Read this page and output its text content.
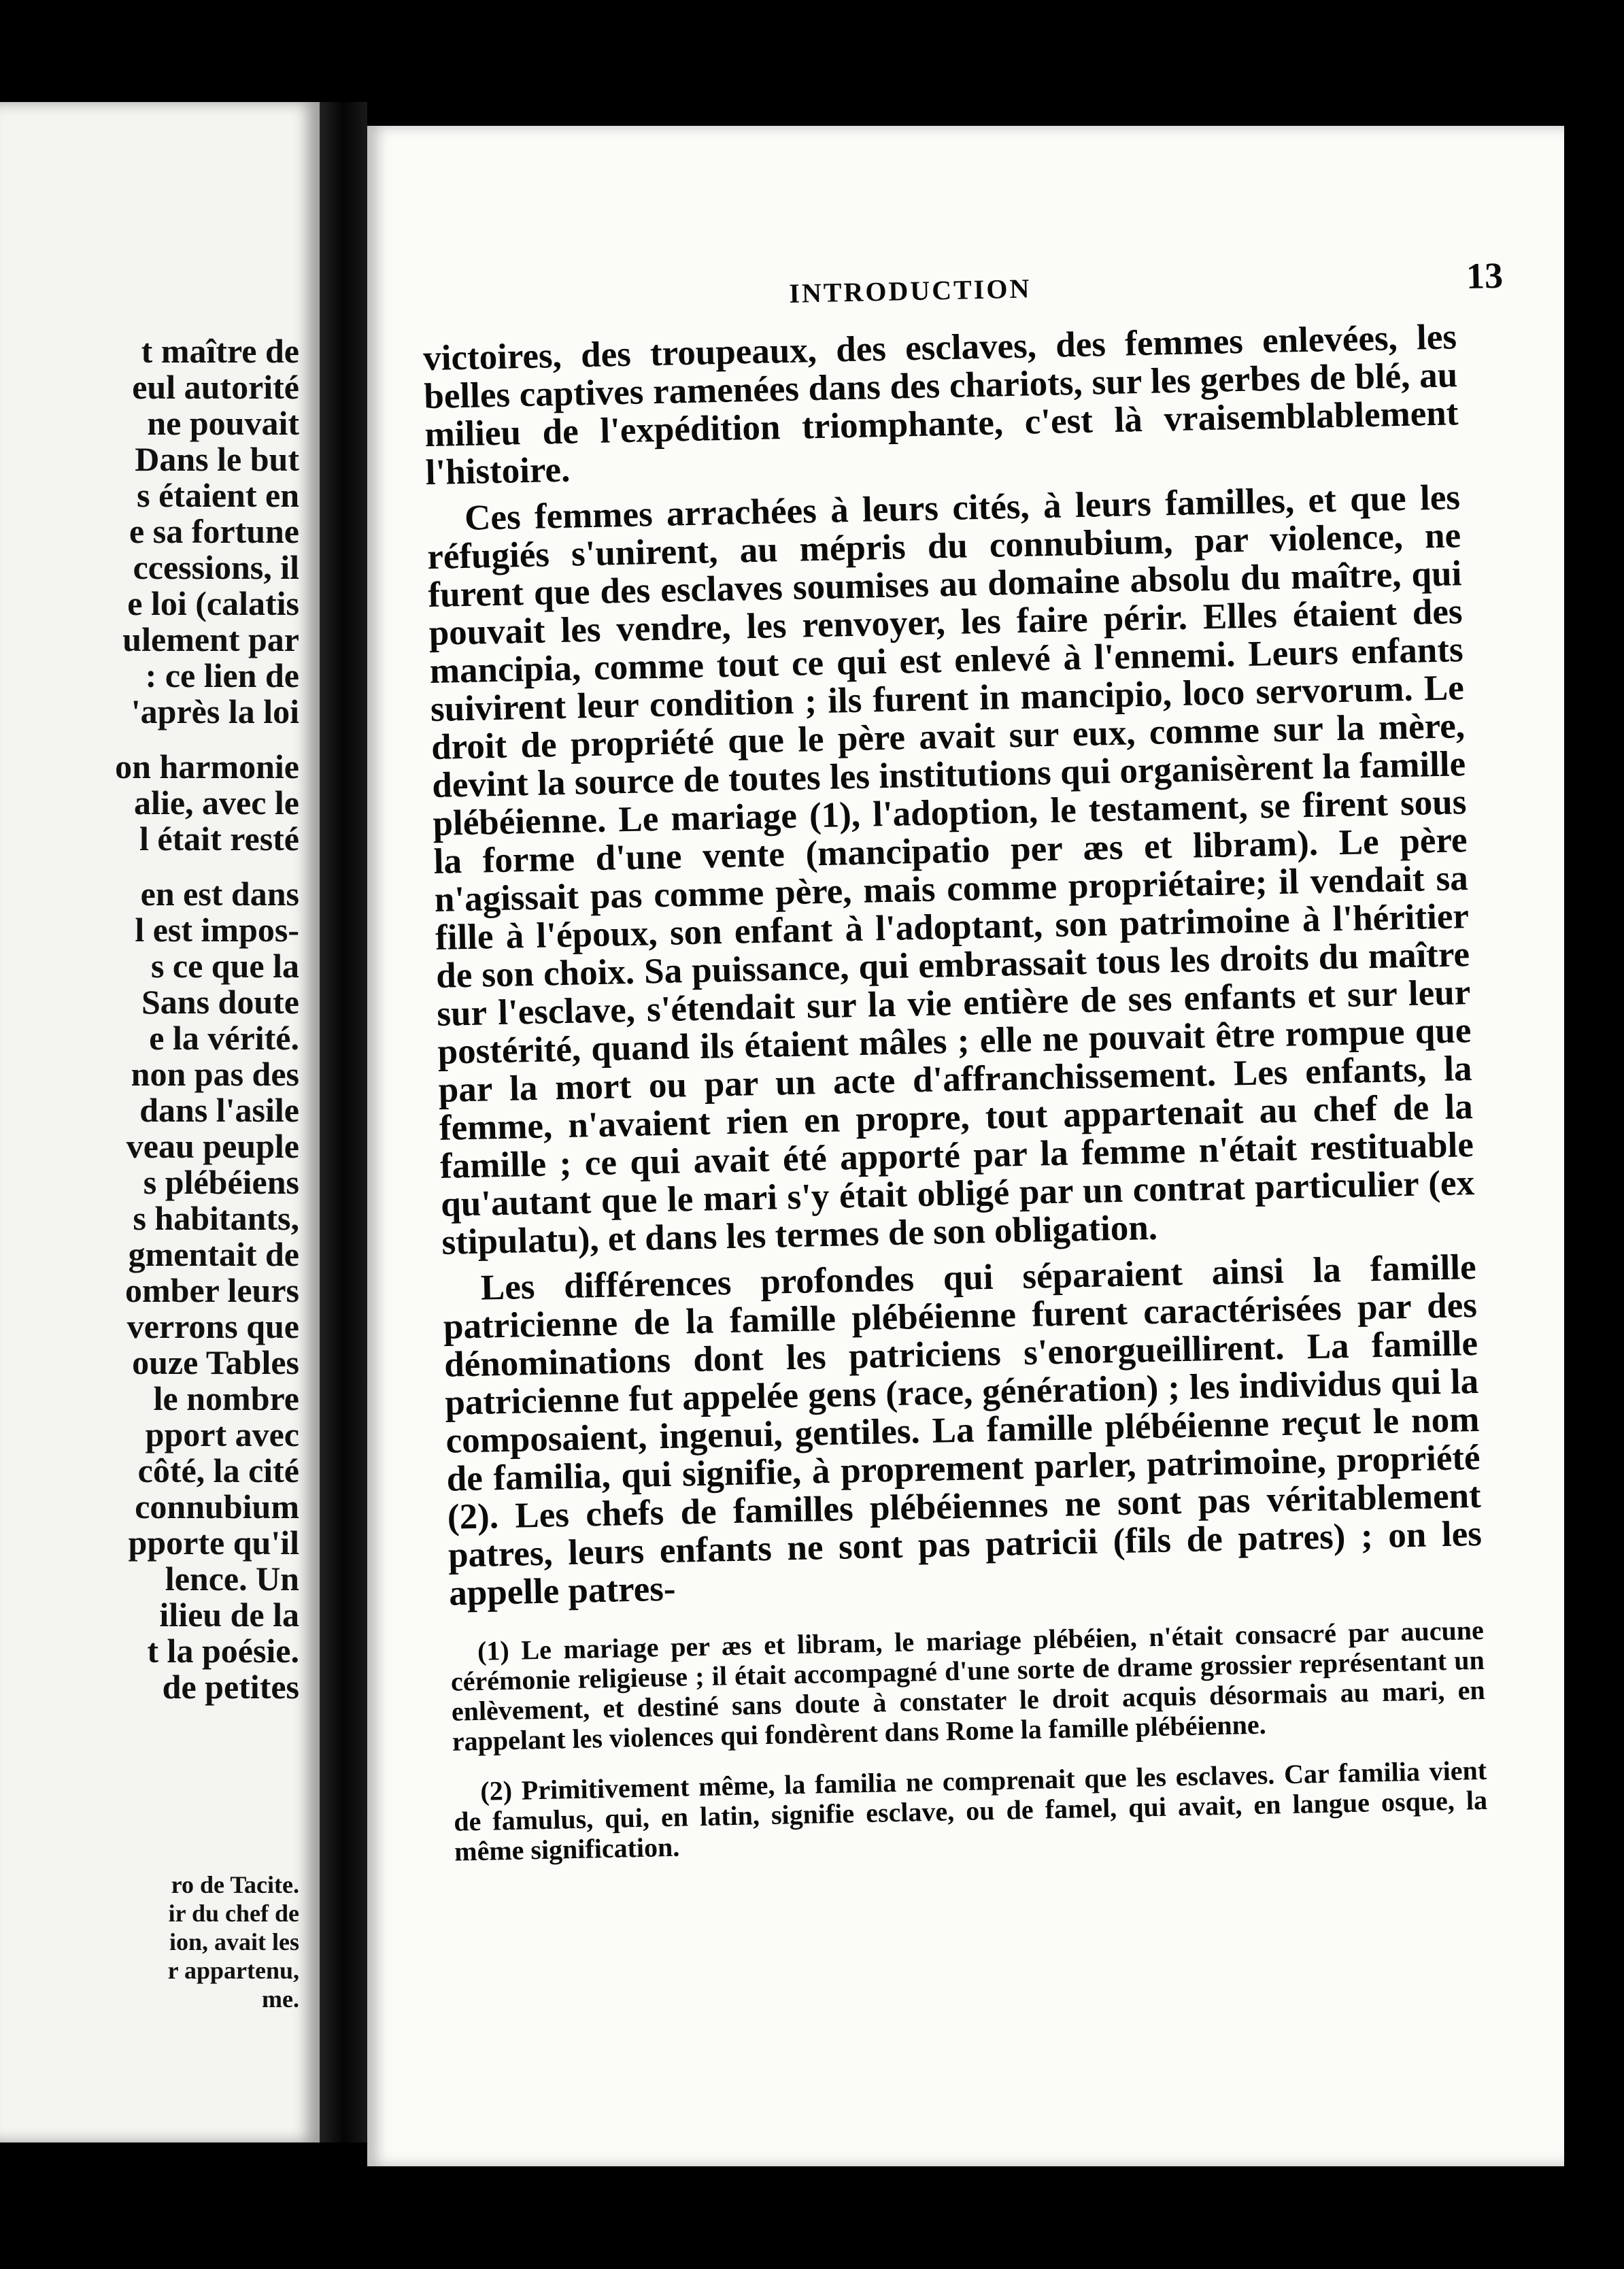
t maître de
eul autorité
ne pouvait
Dans le but
s étaient en
e sa fortune
ccessions, il
e loi (calatis
ulement par
: ce lien de
'après la loi
on harmonie
alie, avec le
l était resté
en est dans
l est impos-
s ce que la
Sans doute
e la vérité.
non pas des
dans l'asile
veau peuple
s plébéiens
s habitants,
gmentait de
omber leurs
verrons que
ouze Tables
le nombre
pport avec
côté, la cité
connubium
pporte qu'il
lence. Un
ilieu de la
t la poésie.
de petites
ro de Tacite.
ir du chef de
ion, avait les
r appartenu,
me.
INTRODUCTION	13

victoires, des troupeaux, des esclaves, des femmes enlevées, les belles captives ramenées dans des chariots, sur les gerbes de blé, au milieu de l'expédition triomphante, c'est là vraisemblablement l'histoire.

Ces femmes arrachées à leurs cités, à leurs familles, et que les réfugiés s'unirent, au mépris du connubium, par violence, ne furent que des esclaves soumises au domaine absolu du maître, qui pouvait les vendre, les renvoyer, les faire périr. Elles étaient des mancipia, comme tout ce qui est enlevé à l'ennemi. Leurs enfants suivirent leur condition ; ils furent in mancipio, loco servorum. Le droit de propriété que le père avait sur eux, comme sur la mère, devint la source de toutes les institutions qui organisèrent la famille plébéienne. Le mariage (1), l'adoption, le testament, se firent sous la forme d'une vente (mancipatio per æs et libram). Le père n'agissait pas comme père, mais comme propriétaire; il vendait sa fille à l'époux, son enfant à l'adoptant, son patrimoine à l'héritier de son choix. Sa puissance, qui embrassait tous les droits du maître sur l'esclave, s'étendait sur la vie entière de ses enfants et sur leur postérité, quand ils étaient mâles ; elle ne pouvait être rompue que par la mort ou par un acte d'affranchissement. Les enfants, la femme, n'avaient rien en propre, tout appartenait au chef de la famille ; ce qui avait été apporté par la femme n'était restituable qu'autant que le mari s'y était obligé par un contrat particulier (ex stipulatu), et dans les termes de son obligation.

Les différences profondes qui séparaient ainsi la famille patricienne de la famille plébéienne furent caractérisées par des dénominations dont les patriciens s'enorgueillirent. La famille patricienne fut appelée gens (race, génération) ; les individus qui la composaient, ingenui, gentiles. La famille plébéienne reçut le nom de familia, qui signifie, à proprement parler, patrimoine, propriété (2). Les chefs de familles plébéiennes ne sont pas véritablement patres, leurs enfants ne sont pas patricii (fils de patres) ; on les appelle patres-

(1) Le mariage per æs et libram, le mariage plébéien, n'était consacré par aucune cérémonie religieuse ; il était accompagné d'une sorte de drame grossier représentant un enlèvement, et destiné sans doute à constater le droit acquis désormais au mari, en rappelant les violences qui fondèrent dans Rome la famille plébéienne.

(2) Primitivement même, la familia ne comprenait que les esclaves. Car familia vient de famulus, qui, en latin, signifie esclave, ou de famel, qui avait, en langue osque, la même signification.
